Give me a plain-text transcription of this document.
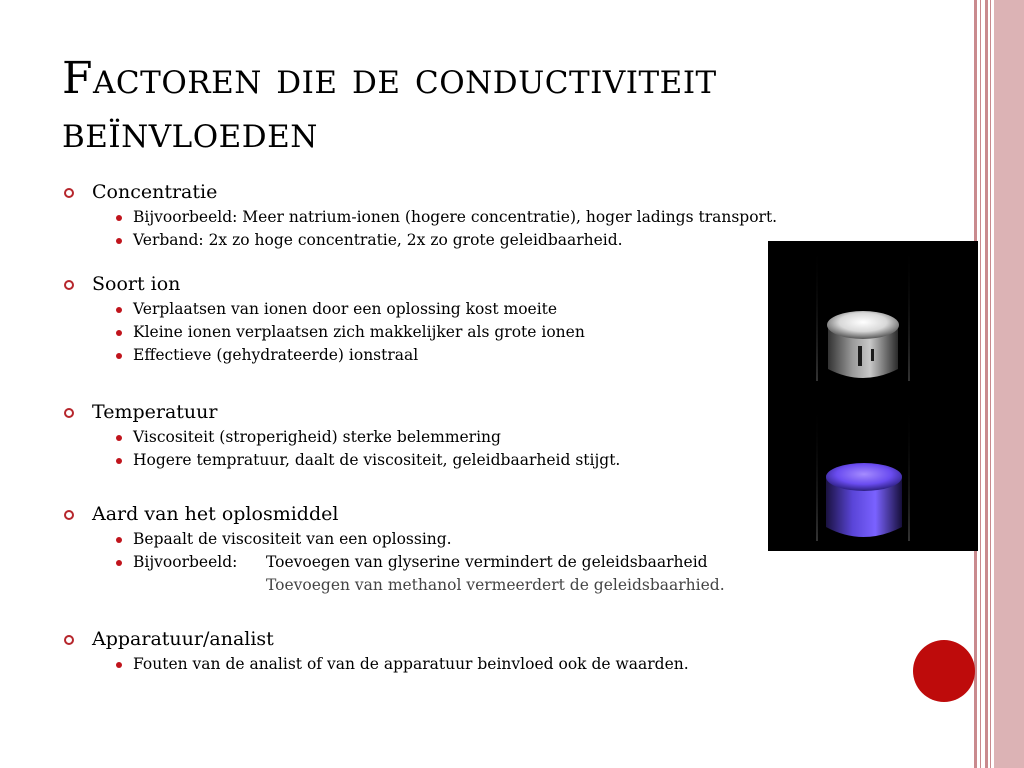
Factoren die de conductiviteit beïnvloeden
Concentratie
Bijvoorbeeld: Meer natrium-ionen (hogere concentratie), hoger ladings transport.
Verband: 2x zo hoge concentratie, 2x zo grote geleidbaarheid.
Soort ion
Verplaatsen van ionen door een oplossing kost moeite
Kleine ionen verplaatsen zich makkelijker als grote ionen
Effectieve (gehydrateerde) ionstraal
Temperatuur
Viscositeit (stroperigheid) sterke belemmering
Hogere tempratuur, daalt de viscositeit, geleidbaarheid stijgt.
Aard van het oplosmiddel
Bepaalt de viscositeit van een oplossing.
Bijvoorbeeld: Toevoegen van glyserine vermindert de geleidsbaarheid
Toevoegen van methanol vermeerdert de geleidsbaarhied.
Apparatuur/analist
Fouten van de analist of van de apparatuur beinvloed ook de waarden.
